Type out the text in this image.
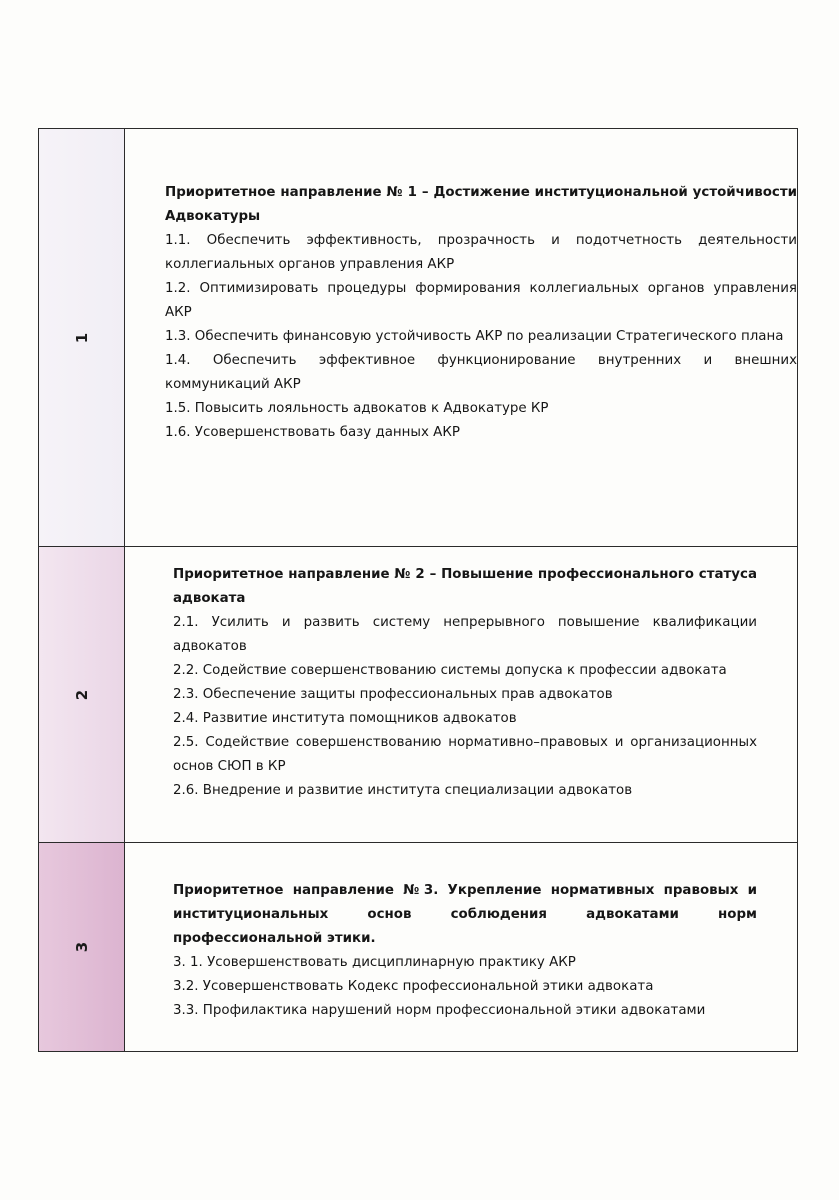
1

Приоритетное направление № 1 – Достижение институциональной устойчивости Адвокатуры

1.1. Обеспечить эффективность, прозрачность и подотчетность деятельности коллегиальных органов управления АКР

1.2. Оптимизировать процедуры формирования коллегиальных органов управления АКР

1.3. Обеспечить финансовую устойчивость АКР по реализации Стратегического плана

1.4. Обеспечить эффективное функционирование внутренних и внешних коммуникаций АКР

1.5. Повысить лояльность адвокатов к Адвокатуре КР

1.6. Усовершенствовать базу данных АКР

2

Приоритетное направление № 2 – Повышение профессионального статуса адвоката

2.1. Усилить и развить систему непрерывного повышение квалификации адвокатов

2.2. Содействие совершенствованию системы допуска к профессии адвоката

2.3. Обеспечение защиты профессиональных прав адвокатов

2.4. Развитие института помощников адвокатов

2.5. Содействие совершенствованию нормативно–правовых и организационных основ СЮП в КР

2.6. Внедрение и развитие института специализации адвокатов

3

Приоритетное направление №3. Укрепление нормативных правовых и институциональных основ соблюдения адвокатами норм профессиональной этики.

3. 1. Усовершенствовать дисциплинарную практику АКР

3.2. Усовершенствовать Кодекс профессиональной этики адвоката

3.3. Профилактика нарушений норм профессиональной этики адвокатами
